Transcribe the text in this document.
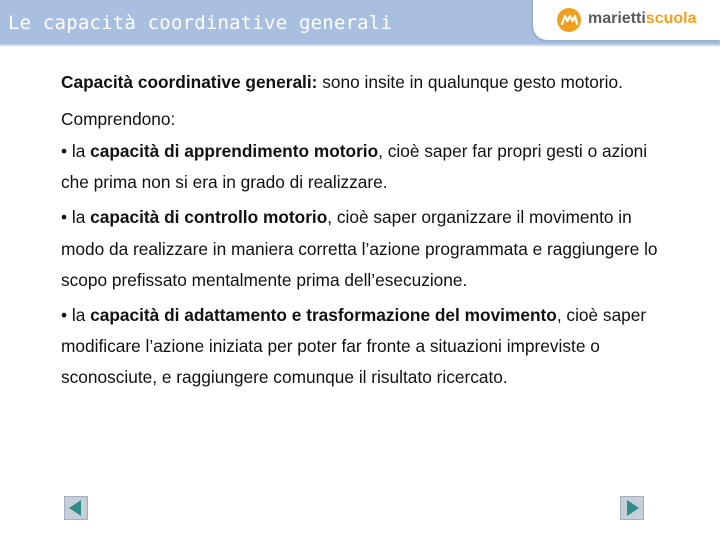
Le capacità coordinative generali	mariettiscuola

Capacità coordinative generali: sono insite in qualunque gesto motorio.

Comprendono:

• la capacità di apprendimento motorio, cioè saper far propri gesti o azioni che prima non si era in grado di realizzare.

• la capacità di controllo motorio, cioè saper organizzare il movimento in modo da realizzare in maniera corretta l’azione programmata e raggiungere lo scopo prefissato mentalmente prima dell’esecuzione.

• la capacità di adattamento e trasformazione del movimento, cioè saper modificare l’azione iniziata per poter far fronte a situazioni impreviste o sconosciute, e raggiungere comunque il risultato ricercato.
